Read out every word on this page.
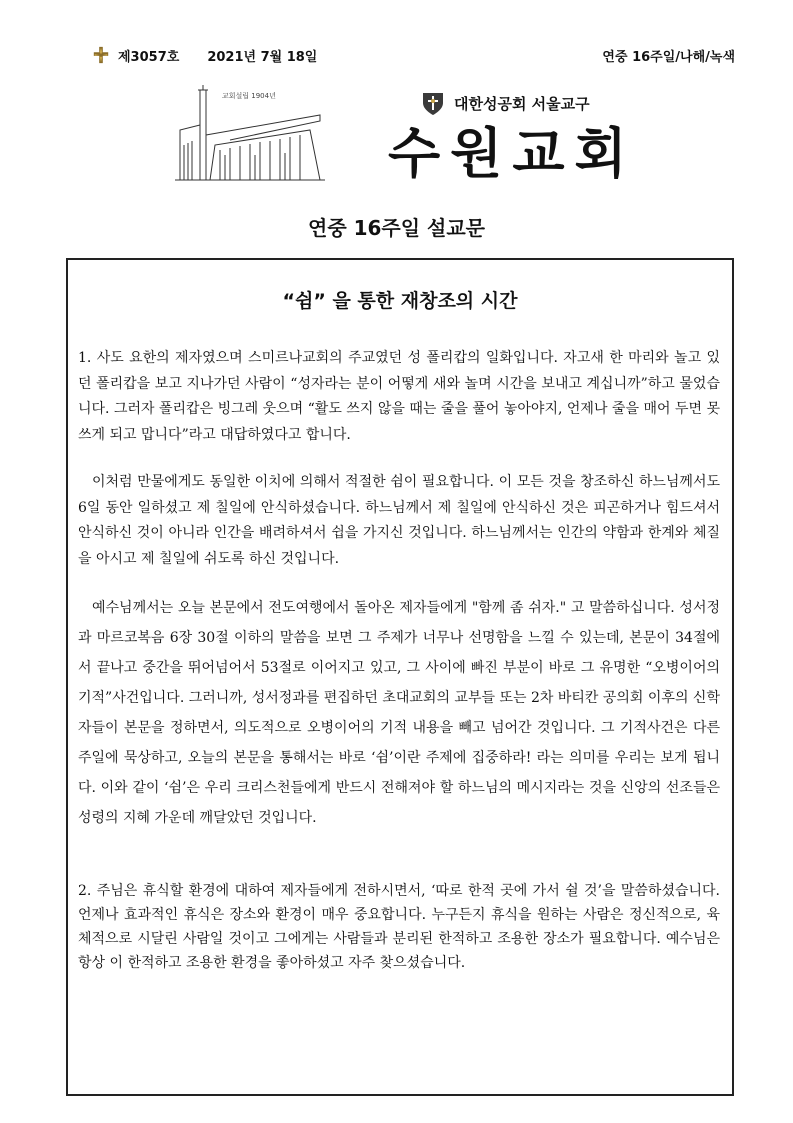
제3057호 2021년 7월 18일	연중 16주일/나해/녹색
교회설립 1904년	대한성공회 서울교구
수원교회
연중 16주일 설교문
“쉼” 을 통한 재창조의 시간

1. 사도 요한의 제자였으며 스미르나교회의 주교였던 성 폴리캅의 일화입니다. 자고새 한 마리와 놀고 있던 폴리캅을 보고 지나가던 사람이 “성자라는 분이 어떻게 새와 놀며 시간을 보내고 계십니까”하고 물었습니다. 그러자 폴리캅은 빙그레 웃으며 “활도 쓰지 않을 때는 줄을 풀어 놓아야지, 언제나 줄을 매어 두면 못쓰게 되고 맙니다”라고 대답하였다고 합니다.

이처럼 만물에게도 동일한 이치에 의해서 적절한 쉼이 필요합니다. 이 모든 것을 창조하신 하느님께서도 6일 동안 일하셨고 제 칠일에 안식하셨습니다. 하느님께서 제 칠일에 안식하신 것은 피곤하거나 힘드셔서 안식하신 것이 아니라 인간을 배려하셔서 쉽을 가지신 것입니다. 하느님께서는 인간의 약함과 한계와 체질을 아시고 제 칠일에 쉬도록 하신 것입니다.

예수님께서는 오늘 본문에서 전도여행에서 돌아온 제자들에게 "함께 좀 쉬자." 고 말씀하십니다. 성서정과 마르코복음 6장 30절 이하의 말씀을 보면 그 주제가 너무나 선명함을 느낄 수 있는데, 본문이 34절에서 끝나고 중간을 뛰어넘어서 53절로 이어지고 있고, 그 사이에 빠진 부분이 바로 그 유명한 “오병이어의 기적”사건입니다. 그러니까, 성서정과를 편집하던 초대교회의 교부들 또는 2차 바티칸 공의회 이후의 신학자들이 본문을 정하면서, 의도적으로 오병이어의 기적 내용을 빼고 넘어간 것입니다. 그 기적사건은 다른 주일에 묵상하고, 오늘의 본문을 통해서는 바로 ‘쉼’이란 주제에 집중하라! 라는 의미를 우리는 보게 됩니다. 이와 같이 ‘쉼’은 우리 크리스천들에게 반드시 전해져야 할 하느님의 메시지라는 것을 신앙의 선조들은 성령의 지혜 가운데 깨달았던 것입니다.

2. 주님은 휴식할 환경에 대하여 제자들에게 전하시면서, ‘따로 한적 곳에 가서 쉴 것’을 말씀하셨습니다. 언제나 효과적인 휴식은 장소와 환경이 매우 중요합니다. 누구든지 휴식을 원하는 사람은 정신적으로, 육체적으로 시달린 사람일 것이고 그에게는 사람들과 분리된 한적하고 조용한 장소가 필요합니다. 예수님은 항상 이 한적하고 조용한 환경을 좋아하셨고 자주 찾으셨습니다.
